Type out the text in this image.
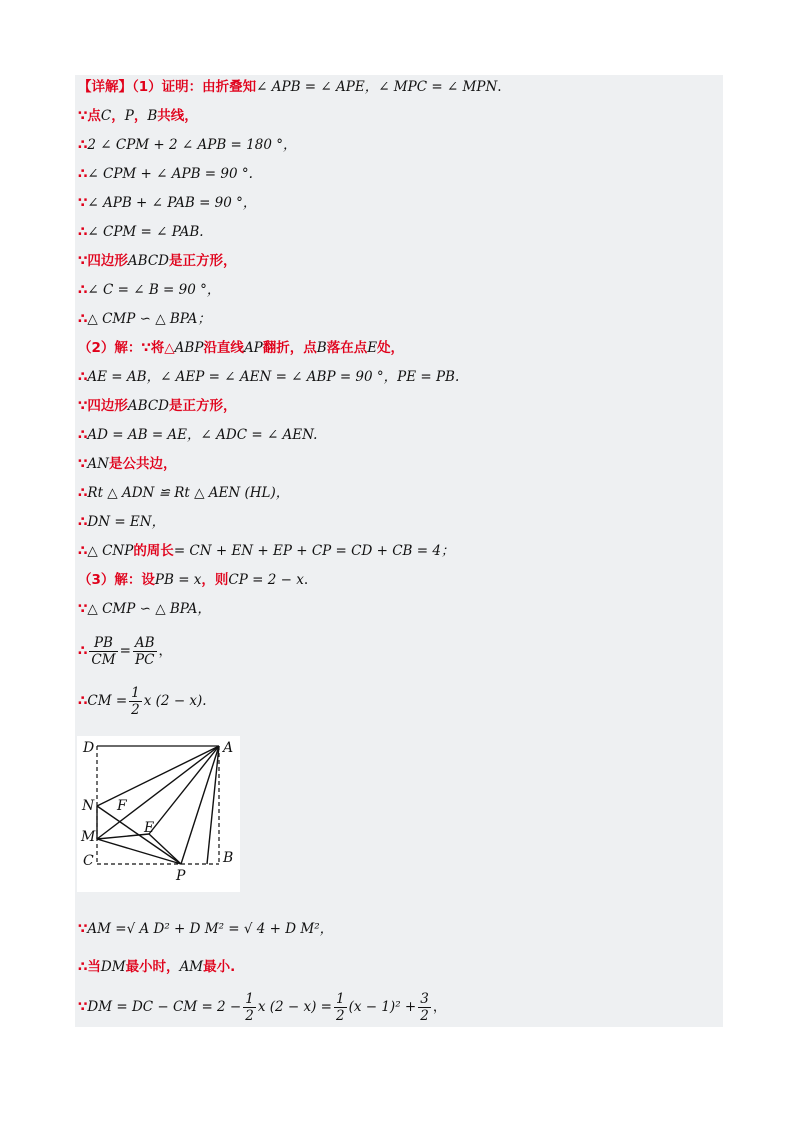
【详解】（1）证明：由折叠知∠ APB = ∠ APE，∠ MPC = ∠ MPN.
∵点C，P，B共线，
∴2 ∠ CPM + 2 ∠ APB = 180 °，
∴∠ CPM + ∠ APB = 90 °.
∵∠ APB + ∠ PAB = 90 °，
∴∠ CPM = ∠ PAB.
∵四边形ABCD是正方形，
∴∠ C = ∠ B = 90 °，
∴△ CMP ∽ △ BPA；
（2）解：∵将△ABP沿直线AP翻折，点B落在点E处，
∴AE = AB，∠ AEP = ∠ AEN = ∠ ABP = 90 °，PE = PB.
∵四边形ABCD是正方形，
∴AD = AB = AE，∠ ADC = ∠ AEN.
∵AN是公共边，
∴Rt △ ADN ≌ Rt △ AEN (HL)，
∴DN = EN，
∴△ CNP的周长= CN + EN + EP + CP = CD + CB = 4；
（3）解：设PB = x，则CP = 2 − x.
∵△ CMP ∽ △ BPA，
∴ $\frac{PB}{CM} = \frac{AB}{PC}$ ，
∴CM = $\frac{1}{2}$ x (2 − x).
D	A
N F
E
M
C	B
P
∵AM =√ A D² + D M² = √ 4 + D M²，
∴当DM最小时，AM最小.
∵DM = DC − CM = $2 - \frac{1}{2}$ x $(2 - x) = \frac{1}{2} (x - 1)^2 + \frac{3}{2}$ ，
